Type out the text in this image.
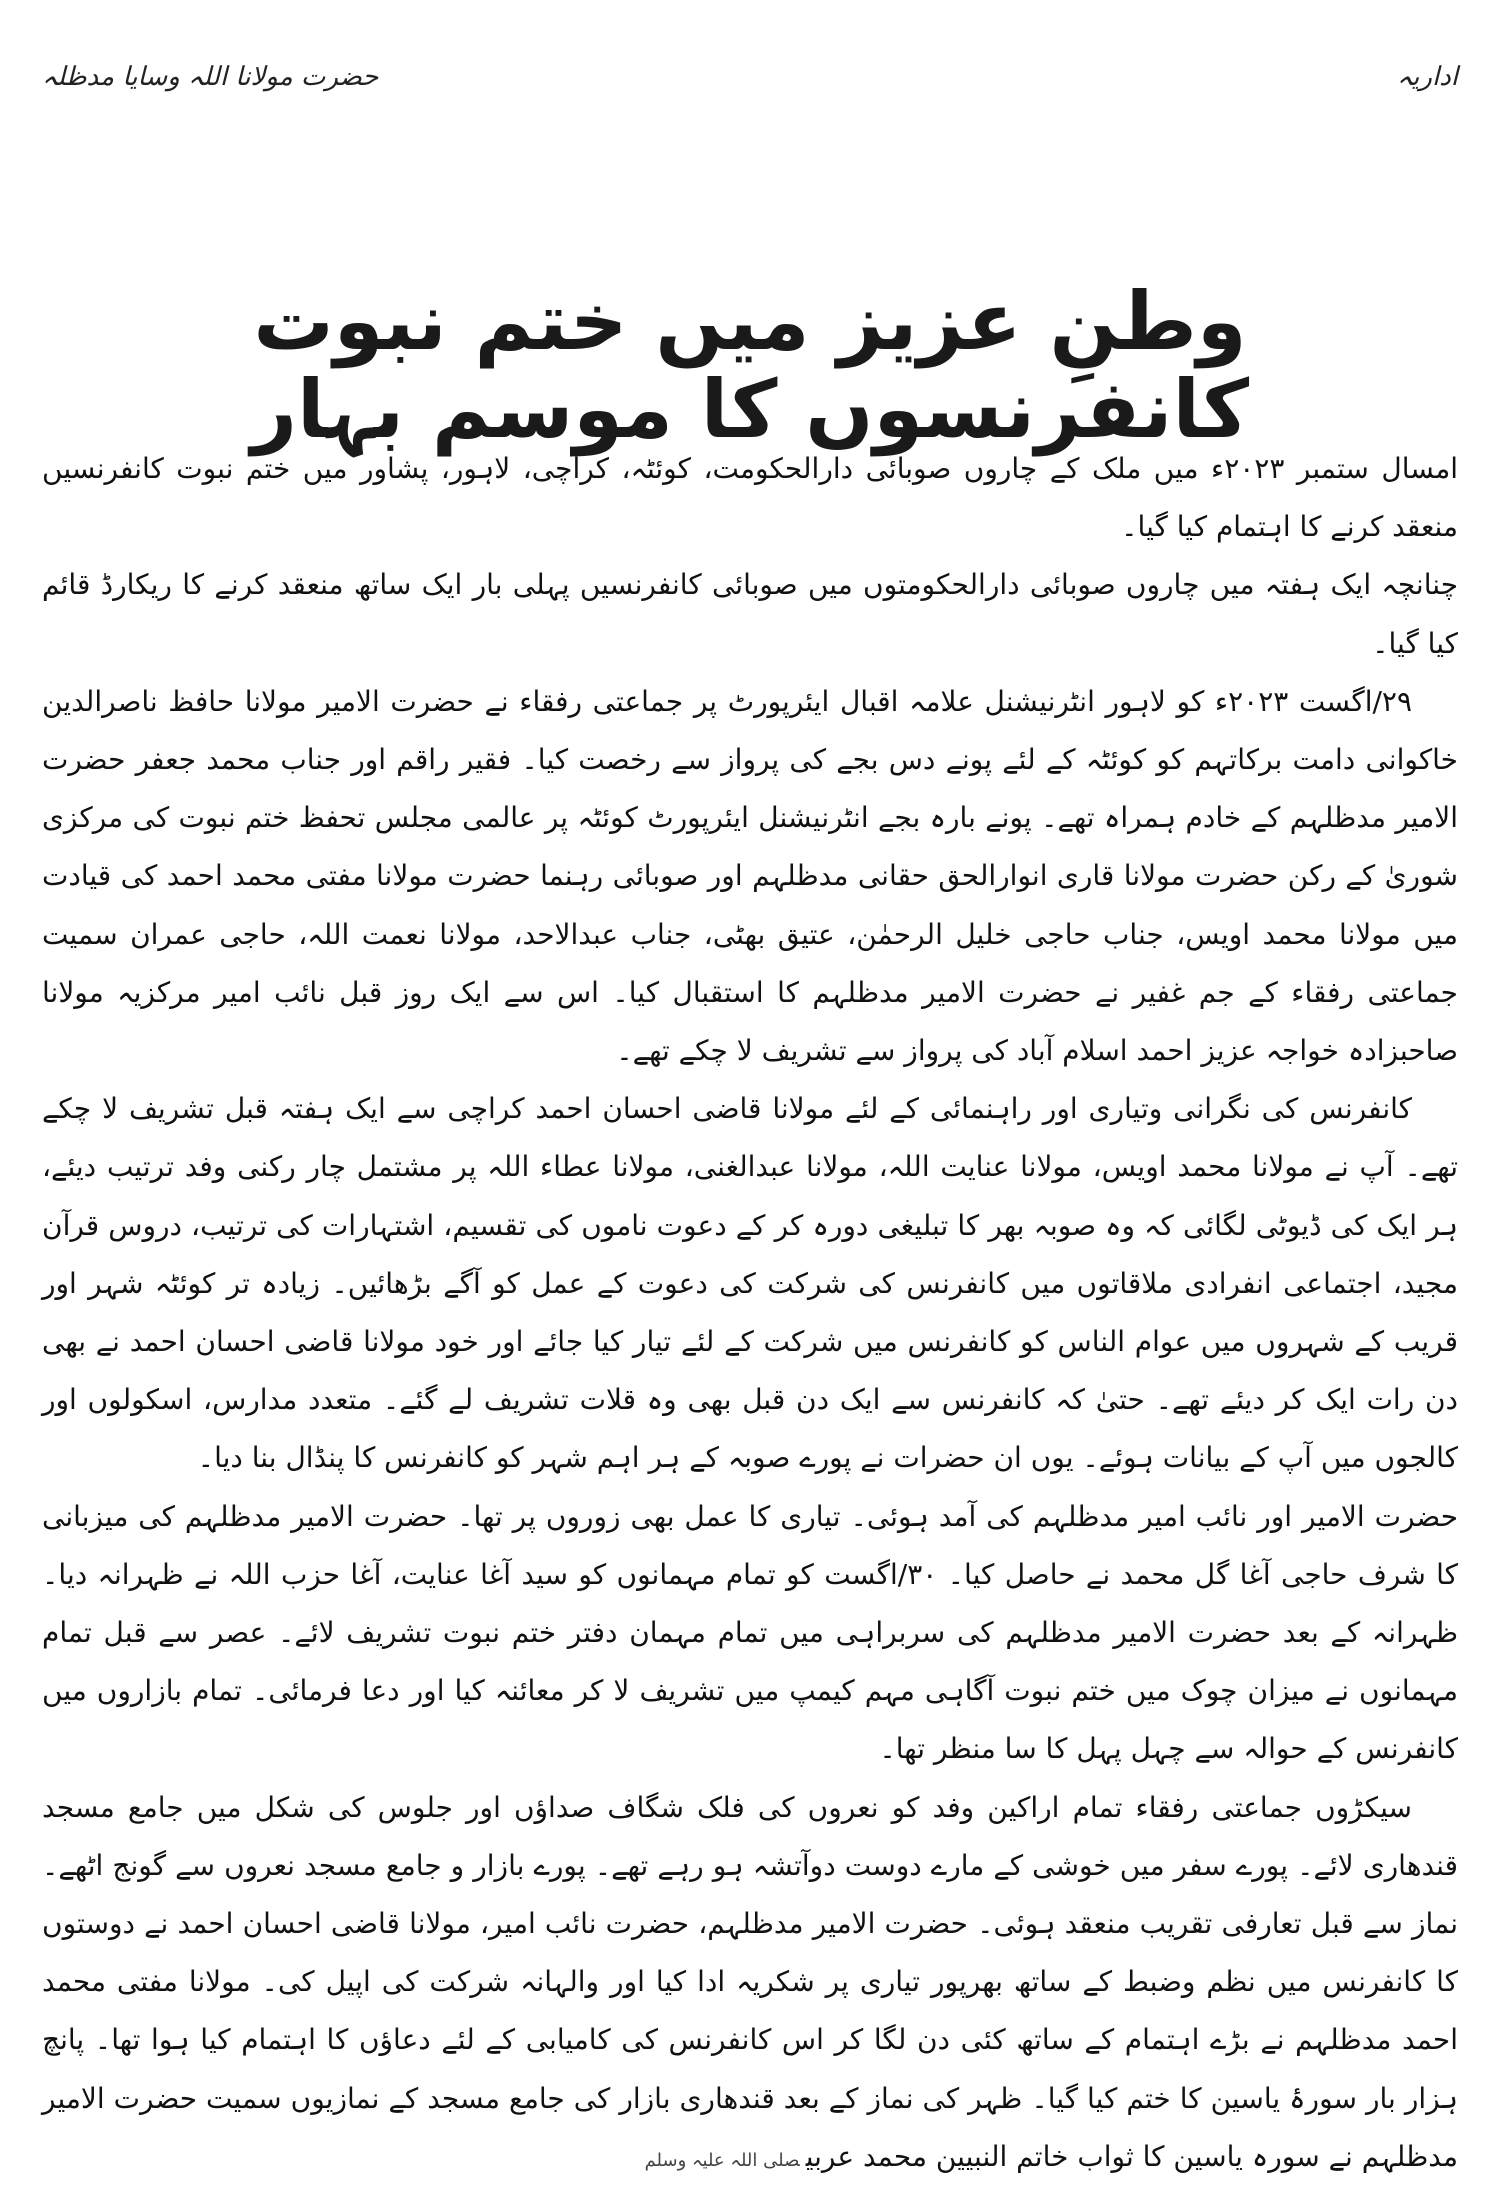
حضرت مولانا اللہ وسایا مدظلہ	اداریہ
وطنِ عزیز میں ختم نبوت کانفرنسوں کا موسم بہار

امسال ستمبر ۲۰۲۳ء میں ملک کے چاروں صوبائی دارالحکومت، کوئٹہ، کراچی، لاہور، پشاور میں ختم نبوت کانفرنسیں منعقد کرنے کا اہتمام کیا گیا۔

چنانچہ ایک ہفتہ میں چاروں صوبائی دارالحکومتوں میں صوبائی کانفرنسیں پہلی بار ایک ساتھ منعقد کرنے کا ریکارڈ قائم کیا گیا۔

۲۹/اگست ۲۰۲۳ء کو لاہور انٹرنیشنل علامہ اقبال ایئرپورٹ پر جماعتی رفقاء نے حضرت الامیر مولانا حافظ ناصرالدین خاکوانی دامت برکاتہم کو کوئٹہ کے لئے پونے دس بجے کی پرواز سے رخصت کیا۔ فقیر راقم اور جناب محمد جعفر حضرت الامیر مدظلہم کے خادم ہمراہ تھے۔ پونے بارہ بجے انٹرنیشنل ایئرپورٹ کوئٹہ پر عالمی مجلس تحفظ ختم نبوت کی مرکزی شوریٰ کے رکن حضرت مولانا قاری انوارالحق حقانی مدظلہم اور صوبائی رہنما حضرت مولانا مفتی محمد احمد کی قیادت میں مولانا محمد اویس، جناب حاجی خلیل الرحمٰن، عتیق بھٹی، جناب عبدالاحد، مولانا نعمت اللہ، حاجی عمران سمیت جماعتی رفقاء کے جم غفیر نے حضرت الامیر مدظلہم کا استقبال کیا۔ اس سے ایک روز قبل نائب امیر مرکزیہ مولانا صاحبزادہ خواجہ عزیز احمد اسلام آباد کی پرواز سے تشریف لا چکے تھے۔

کانفرنس کی نگرانی وتیاری اور راہنمائی کے لئے مولانا قاضی احسان احمد کراچی سے ایک ہفتہ قبل تشریف لا چکے تھے۔ آپ نے مولانا محمد اویس، مولانا عنایت اللہ، مولانا عبدالغنی، مولانا عطاء اللہ پر مشتمل چار رکنی وفد ترتیب دیئے، ہر ایک کی ڈیوٹی لگائی کہ وہ صوبہ بھر کا تبلیغی دورہ کر کے دعوت ناموں کی تقسیم، اشتہارات کی ترتیب، دروس قرآن مجید، اجتماعی انفرادی ملاقاتوں میں کانفرنس کی شرکت کی دعوت کے عمل کو آگے بڑھائیں۔ زیادہ تر کوئٹہ شہر اور قریب کے شہروں میں عوام الناس کو کانفرنس میں شرکت کے لئے تیار کیا جائے اور خود مولانا قاضی احسان احمد نے بھی دن رات ایک کر دیئے تھے۔ حتیٰ کہ کانفرنس سے ایک دن قبل بھی وہ قلات تشریف لے گئے۔ متعدد مدارس، اسکولوں اور کالجوں میں آپ کے بیانات ہوئے۔ یوں ان حضرات نے پورے صوبہ کے ہر اہم شہر کو کانفرنس کا پنڈال بنا دیا۔

حضرت الامیر اور نائب امیر مدظلہم کی آمد ہوئی۔ تیاری کا عمل بھی زوروں پر تھا۔ حضرت الامیر مدظلہم کی میزبانی کا شرف حاجی آغا گل محمد نے حاصل کیا۔ ۳۰/اگست کو تمام مہمانوں کو سید آغا عنایت، آغا حزب اللہ نے ظہرانہ دیا۔ ظہرانہ کے بعد حضرت الامیر مدظلہم کی سربراہی میں تمام مہمان دفتر ختم نبوت تشریف لائے۔ عصر سے قبل تمام مہمانوں نے میزان چوک میں ختم نبوت آگاہی مہم کیمپ میں تشریف لا کر معائنہ کیا اور دعا فرمائی۔ تمام بازاروں میں کانفرنس کے حوالہ سے چہل پہل کا سا منظر تھا۔

سیکڑوں جماعتی رفقاء تمام اراکین وفد کو نعروں کی فلک شگاف صداؤں اور جلوس کی شکل میں جامع مسجد قندھاری لائے۔ پورے سفر میں خوشی کے مارے دوست دوآتشہ ہو رہے تھے۔ پورے بازار و جامع مسجد نعروں سے گونج اٹھے۔ نماز سے قبل تعارفی تقریب منعقد ہوئی۔ حضرت الامیر مدظلہم، حضرت نائب امیر، مولانا قاضی احسان احمد نے دوستوں کا کانفرنس میں نظم وضبط کے ساتھ بھرپور تیاری پر شکریہ ادا کیا اور والہانہ شرکت کی اپیل کی۔ مولانا مفتی محمد احمد مدظلہم نے بڑے اہتمام کے ساتھ کئی دن لگا کر اس کانفرنس کی کامیابی کے لئے دعاؤں کا اہتمام کیا ہوا تھا۔ پانچ ہزار بار سورۂ یاسین کا ختم کیا گیا۔ ظہر کی نماز کے بعد قندھاری بازار کی جامع مسجد کے نمازیوں سمیت حضرت الامیر مدظلہم نے سورہ یاسین کا ثواب خاتم النبیین محمد عربیصلی اللہ علیہ وسلم
